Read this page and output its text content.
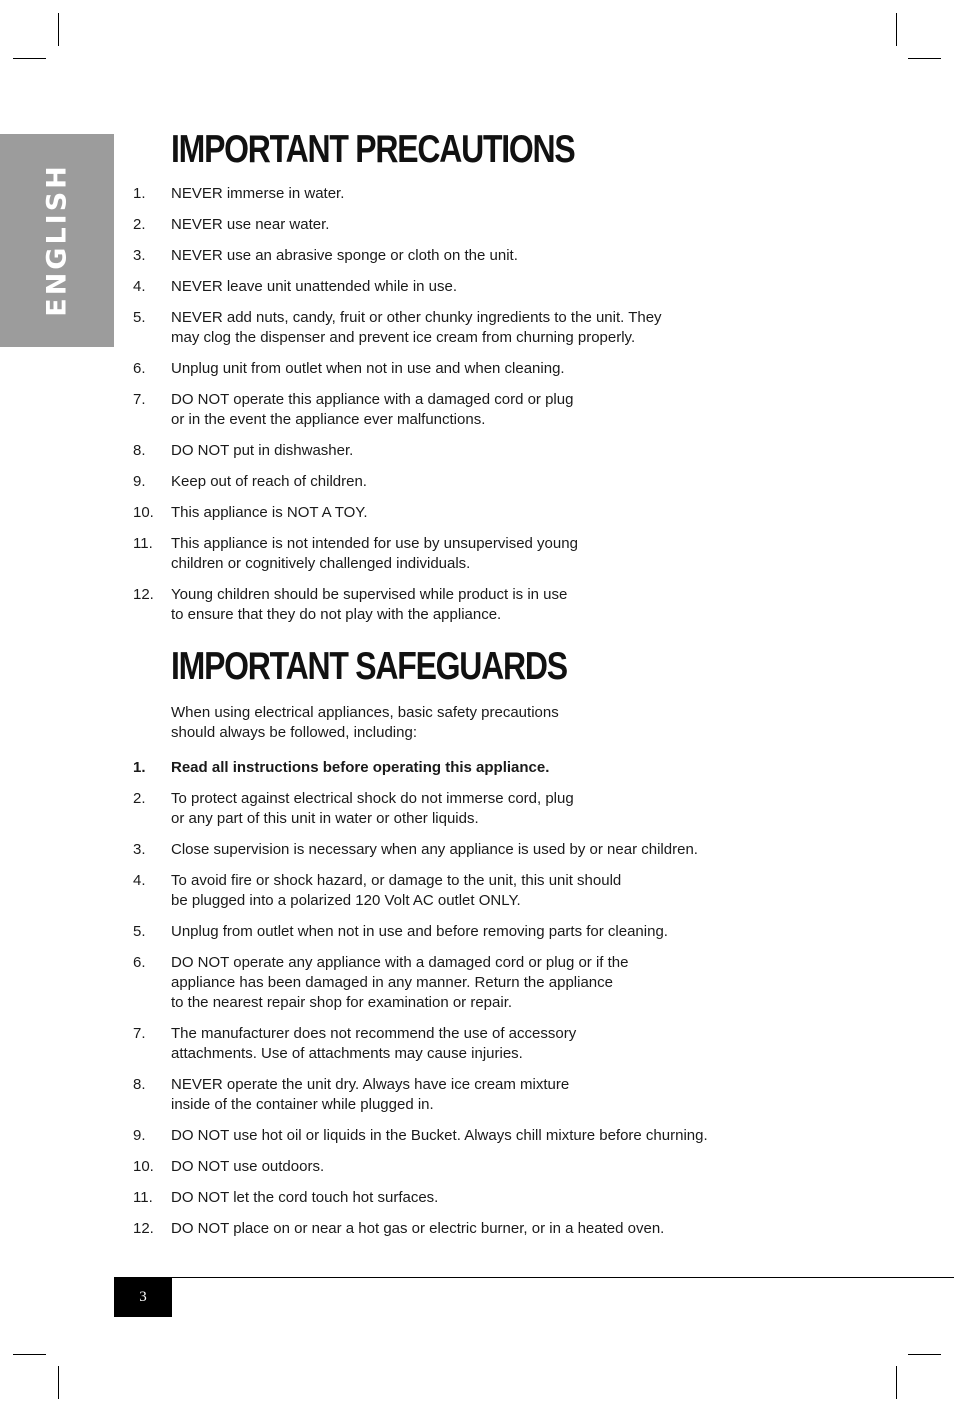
ENGLISH
IMPORTANT PRECAUTIONS
1. NEVER immerse in water.
2. NEVER use near water.
3. NEVER use an abrasive sponge or cloth on the unit.
4. NEVER leave unit unattended while in use.
5. NEVER add nuts, candy, fruit or other chunky ingredients to the unit. They
may clog the dispenser and prevent ice cream from churning properly.
6. Unplug unit from outlet when not in use and when cleaning.
7. DO NOT operate this appliance with a damaged cord or plug
or in the event the appliance ever malfunctions.
8. DO NOT put in dishwasher.
9. Keep out of reach of children.
10. This appliance is NOT A TOY.
11. This appliance is not intended for use by unsupervised young
children or cognitively challenged individuals.
12. Young children should be supervised while product is in use
to ensure that they do not play with the appliance.
IMPORTANT SAFEGUARDS

When using electrical appliances, basic safety precautions
should always be followed, including:

1. Read all instructions before operating this appliance.
2. To protect against electrical shock do not immerse cord, plug
or any part of this unit in water or other liquids.
3. Close supervision is necessary when any appliance is used by or near children.
4. To avoid fire or shock hazard, or damage to the unit, this unit should
be plugged into a polarized 120 Volt AC outlet ONLY.
5. Unplug from outlet when not in use and before removing parts for cleaning.
6. DO NOT operate any appliance with a damaged cord or plug or if the
appliance has been damaged in any manner. Return the appliance
to the nearest repair shop for examination or repair.
7. The manufacturer does not recommend the use of accessory
attachments. Use of attachments may cause injuries.
8. NEVER operate the unit dry. Always have ice cream mixture
inside of the container while plugged in.
9. DO NOT use hot oil or liquids in the Bucket. Always chill mixture before churning.
10. DO NOT use outdoors.
11. DO NOT let the cord touch hot surfaces.
12. DO NOT place on or near a hot gas or electric burner, or in a heated oven.
3
